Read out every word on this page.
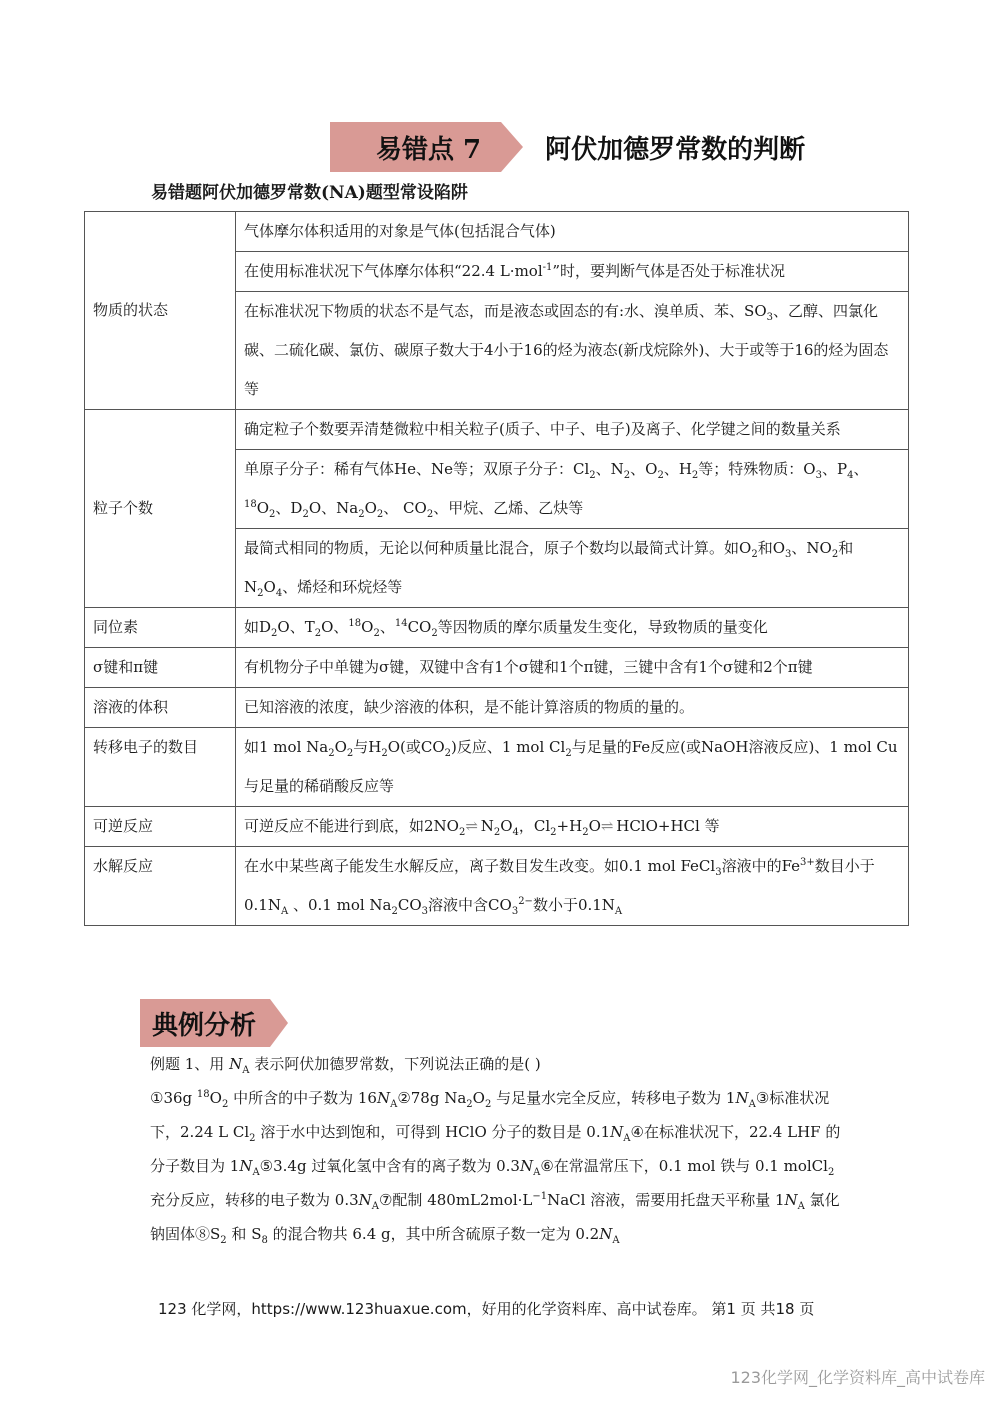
易错点 7	阿伏加德罗常数的判断
易错题阿伏加德罗常数(NA)题型常设陷阱
物质的状态	气体摩尔体积适用的对象是气体(包括混合气体)
	在使用标准状况下气体摩尔体积“22.4 L·mol$^{-1}$”时，要判断气体是否处于标准状况
	在标准状况下物质的状态不是气态，而是液态或固态的有:水、溴单质、苯、$SO_3$、乙醇、四氯化碳、二硫化碳、氯仿、碳原子数大于4小于16的烃为液态(新戊烷除外)、大于或等于16的烃为固态等
粒子个数	确定粒子个数要弄清楚微粒中相关粒子(质子、中子、电子)及离子、化学键之间的数量关系
	单原子分子：稀有气体He、Ne等；双原子分子：$Cl_2$、$N_2$、$O_2$、$H_2$等；特殊物质：$O_3$、$P_4$、$^{18}O_2$、$D_2O$、$Na_2O_2$、 $CO_2$、甲烷、乙烯、乙炔等
	最简式相同的物质，无论以何种质量比混合，原子个数均以最简式计算。如$O_2$和$O_3$、$NO_2$和$N_2O_4$、烯烃和环烷烃等
同位素	如$D_2O$、$T_2O$、$^{18}O_2$、$^{14}CO_2$等因物质的摩尔质量发生变化，导致物质的量变化
σ键和π键	有机物分子中单键为σ键，双键中含有1个σ键和1个π键，三键中含有1个σ键和2个π键
溶液的体积	已知溶液的浓度，缺少溶液的体积，是不能计算溶质的物质的量的。
转移电子的数目	如1 mol $Na_2O_2$与$H_2O$(或$CO_2$)反应、1 mol $Cl_2$与足量的Fe反应(或NaOH溶液反应)、1 mol Cu与足量的稀硝酸反应等
可逆反应	可逆反应不能进行到底，如$2NO_2\rightleftharpoons$ $N_2O_4$，$Cl_2+H_2O\rightleftharpoons$ HClO+HCl 等
水解反应	在水中某些离子能发生水解反应，离子数目发生改变。如0.1 mol FeCl$_3$溶液中的$Fe^{3+}$数目小于$0.1N_A$ 、0.1 mol $Na_2CO_3$溶液中含$CO_3^{2-}$数小于$0.1N_A$
典例分析

例题 1、用 $N_A$ 表示阿伏加德罗常数，下列说法正确的是( )

①36g $^{18}O_2$ 中所含的中子数为 $16N_A②78g$ $Na_2O_2$ 与足量水完全反应，转移电子数为 $1N_A③$标准状况下，2.24 L $Cl_2$ 溶于水中达到饱和，可得到 HClO 分子的数目是 $0.1N_A④$在标准状况下，22.4 LHF 的分子数目为 $1N_A⑤3.4g$ 过氧化氢中含有的离子数为 $0.3N_A⑥$在常温常压下，0.1 mol 铁与 0.1 molCl$_2$ 充分反应，转移的电子数为 $0.3N_A⑦$配制 $480mL2mol\cdot L^{-1}NaCl$ 溶液，需要用托盘天平称量 $1N_A$ 氯化钠固体$⑧S_2$ 和 $S_8$ 的混合物共 6.4 g，其中所含硫原子数一定为 $0.2N_A$

123 化学网，https://www.123huaxue.com，好用的化学资料库、高中试卷库。 第1 页 共18 页
123化学网_化学资料库_高中试卷库
